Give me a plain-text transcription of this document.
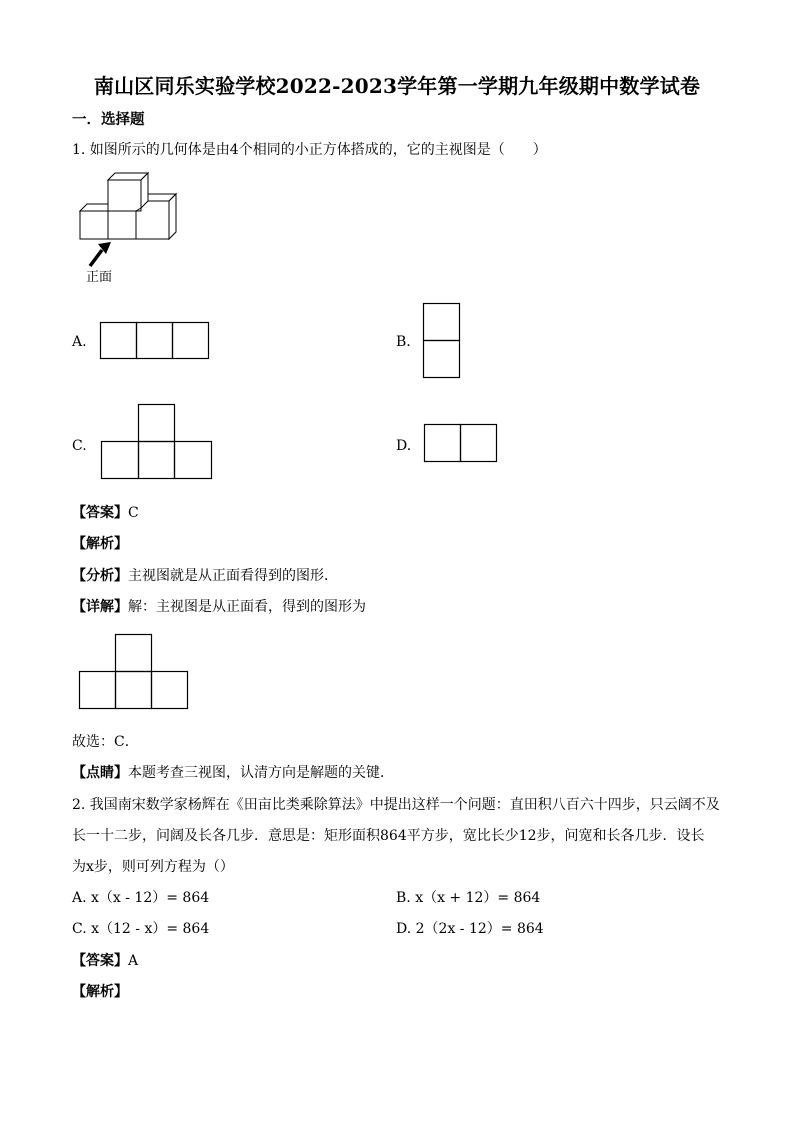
南山区同乐实验学校2022-2023学年第一学期九年级期中数学试卷
一．选择题
1. 如图所示的几何体是由4个相同的小正方体搭成的，它的主视图是（　　）
正面
A.	B.
C.	D.
【答案】C
【解析】
【分析】主视图就是从正面看得到的图形．
【详解】解：主视图是从正面看，得到的图形为
故选：C．
【点睛】本题考查三视图，认清方向是解题的关键．
2. 我国南宋数学家杨辉在《田亩比类乘除算法》中提出这样一个问题：直田积八百六十四步，只云阔不及
长一十二步，问阔及长各几步．意思是：矩形面积864平方步，宽比长少12步，问宽和长各几步．设长
为x步，则可列方程为（）
A. x（x - 12）= 864	B. x（x + 12）= 864
C. x（12 - x）= 864	D. 2（2x - 12）= 864
【答案】A
【解析】
